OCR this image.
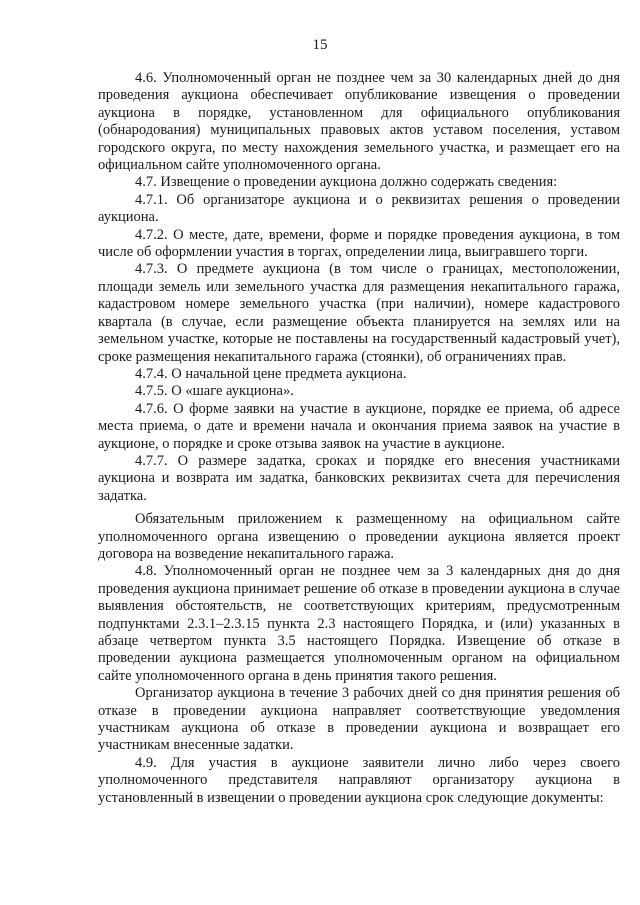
15

4.6. Уполномоченный орган не позднее чем за 30 календарных дней до дня проведения аукциона обеспечивает опубликование извещения о проведении аукциона в порядке, установленном для официального опубликования (обнародования) муниципальных правовых актов уставом поселения, уставом городского округа, по месту нахождения земельного участка, и размещает его на официальном сайте уполномоченного органа.

4.7. Извещение о проведении аукциона должно содержать сведения:

4.7.1. Об организаторе аукциона и о реквизитах решения о проведении аукциона.

4.7.2. О месте, дате, времени, форме и порядке проведения аукциона, в том числе об оформлении участия в торгах, определении лица, выигравшего торги.

4.7.3. О предмете аукциона (в том числе о границах, местоположении, площади земель или земельного участка для размещения некапитального гаража, кадастровом номере земельного участка (при наличии), номере кадастрового квартала (в случае, если размещение объекта планируется на землях или на земельном участке, которые не поставлены на государственный кадастровый учет), сроке размещения некапитального гаража (стоянки), об ограничениях прав.

4.7.4. О начальной цене предмета аукциона.

4.7.5. О «шаге аукциона».

4.7.6. О форме заявки на участие в аукционе, порядке ее приема, об адресе места приема, о дате и времени начала и окончания приема заявок на участие в аукционе, о порядке и сроке отзыва заявок на участие в аукционе.

4.7.7. О размере задатка, сроках и порядке его внесения участниками аукциона и возврата им задатка, банковских реквизитах счета для перечисления задатка.

Обязательным приложением к размещенному на официальном сайте уполномоченного органа извещению о проведении аукциона является проект договора на возведение некапитального гаража.

4.8. Уполномоченный орган не позднее чем за 3 календарных дня до дня проведения аукциона принимает решение об отказе в проведении аукциона в случае выявления обстоятельств, не соответствующих критериям, предусмотренным подпунктами 2.3.1–2.3.15 пункта 2.3 настоящего Порядка, и (или) указанных в абзаце четвертом пункта 3.5 настоящего Порядка. Извещение об отказе в проведении аукциона размещается уполномоченным органом на официальном сайте уполномоченного органа в день принятия такого решения.

Организатор аукциона в течение 3 рабочих дней со дня принятия решения об отказе в проведении аукциона направляет соответствующие уведомления участникам аукциона об отказе в проведении аукциона и возвращает его участникам внесенные задатки.

4.9. Для участия в аукционе заявители лично либо через своего уполномоченного представителя направляют организатору аукциона в установленный в извещении о проведении аукциона срок следующие документы:
